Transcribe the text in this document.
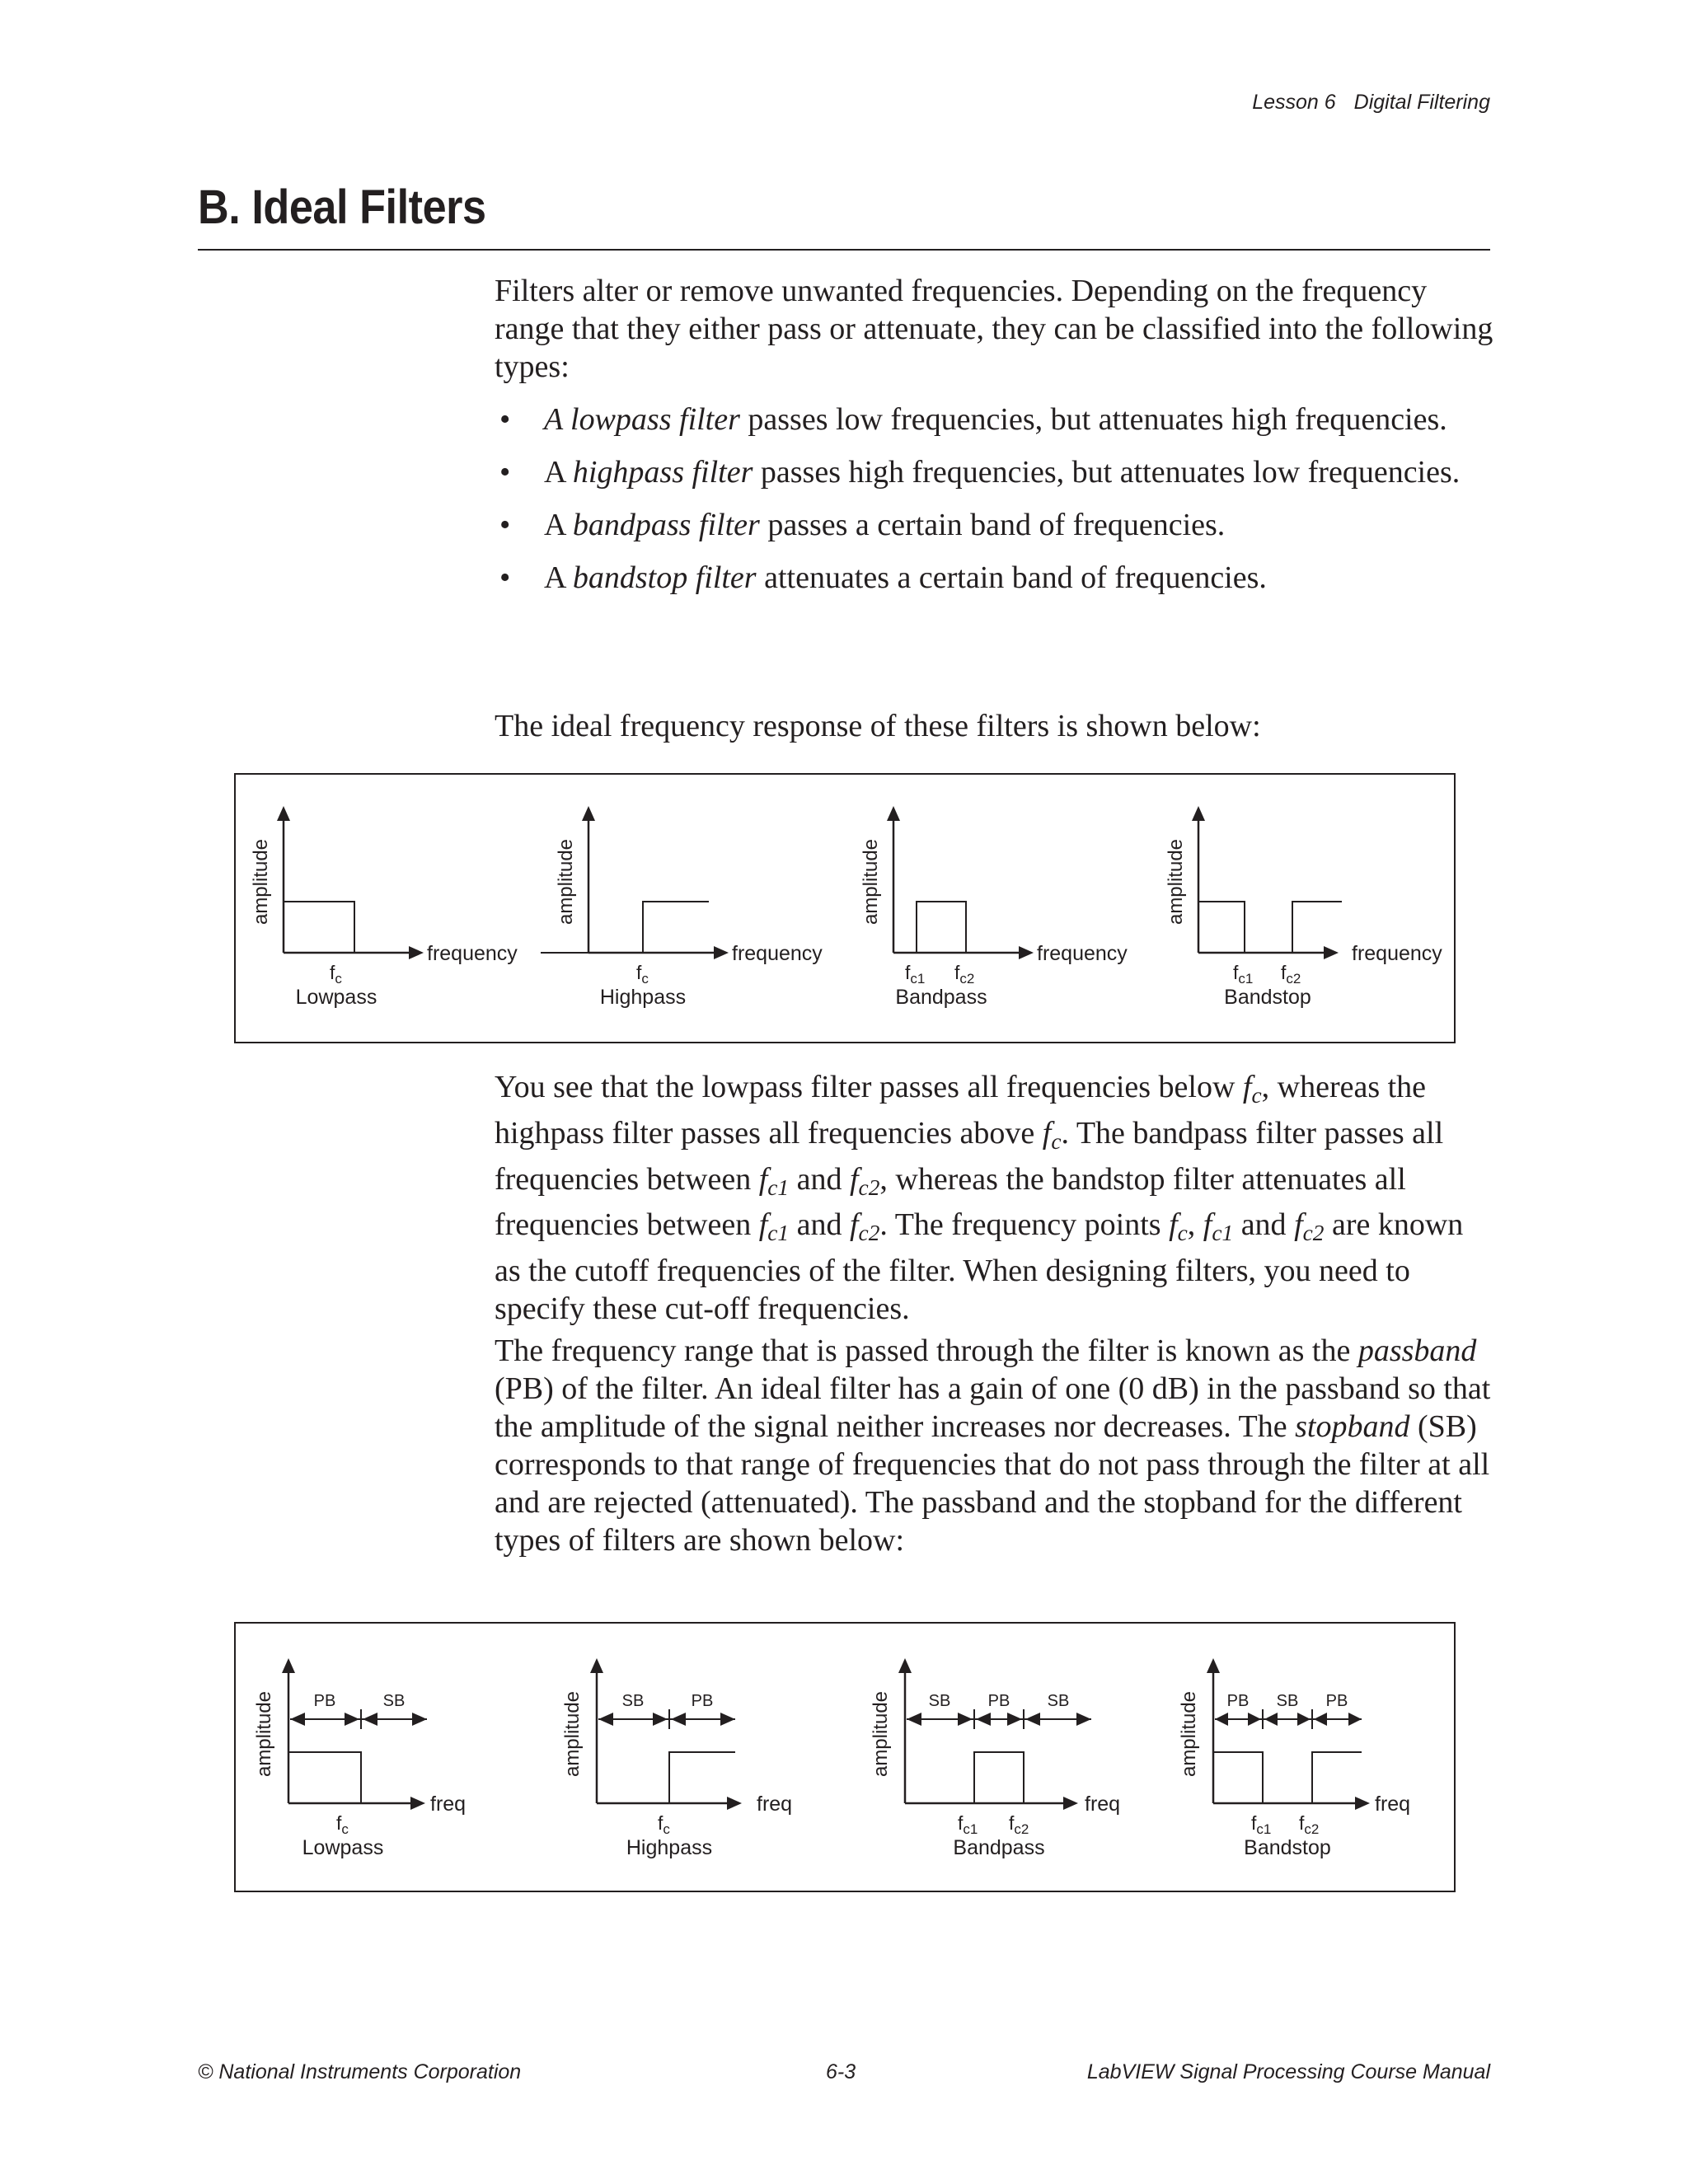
Lesson 6 Digital Filtering
B. Ideal Filters

Filters alter or remove unwanted frequencies. Depending on the frequency range that they either pass or attenuate, they can be classified into the following types:

• A lowpass filter passes low frequencies, but attenuates high frequencies.
• A highpass filter passes high frequencies, but attenuates low frequencies.
• A bandpass filter passes a certain band of frequencies.
• A bandstop filter attenuates a certain band of frequencies.

The ideal frequency response of these filters is shown below:

amplitude
frequency
$f_c$
Lowpass
amplitude
frequency
$f_c$
Highpass
amplitude
frequency
$f_{c1}$ $f_{c2}$
Bandpass
amplitude
frequency
$f_{c1}$ $f_{c2}$
Bandstop

You see that the lowpass filter passes all frequencies below $f_c$, whereas the highpass filter passes all frequencies above $f_c$. The bandpass filter passes all frequencies between $f_{c1}$ and $f_{c2}$, whereas the bandstop filter attenuates all frequencies between $f_{c1}$ and $f_{c2}$. The frequency points $f_c$, $f_{c1}$ and $f_{c2}$ are known as the cutoff frequencies of the filter. When designing filters, you need to specify these cut-off frequencies.

The frequency range that is passed through the filter is known as the passband (PB) of the filter. An ideal filter has a gain of one (0 dB) in the passband so that the amplitude of the signal neither increases nor decreases. The stopband (SB) corresponds to that range of frequencies that do not pass through the filter at all and are rejected (attenuated). The passband and the stopband for the different types of filters are shown below:

PB	SB
amplitude
freq
$f_c$
Lowpass
SB	PB
amplitude
freq
$f_c$
Highpass
SB PB SB
amplitude
freq
$f_{c1}$ $f_{c2}$
Bandpass
PB SB PB
amplitude
freq
$f_{c1}$ $f_{c2}$
Bandstop
© National Instruments Corporation	6-3	LabVIEW Signal Processing Course Manual
